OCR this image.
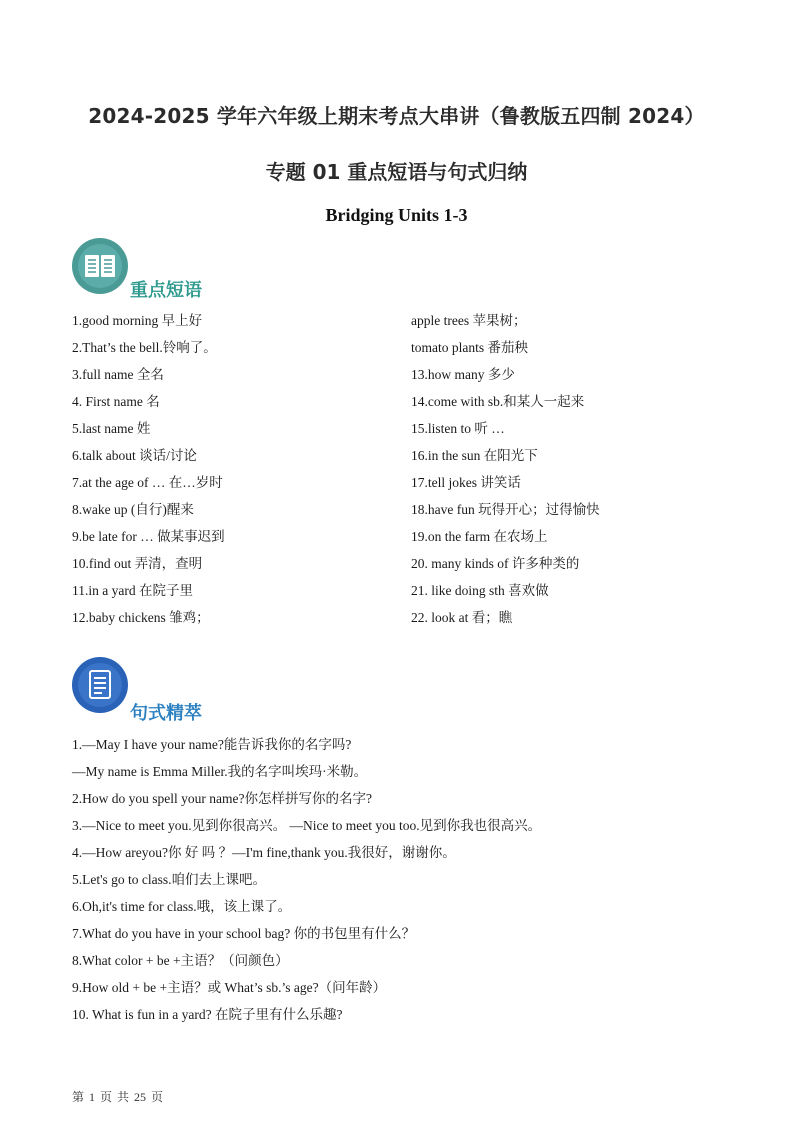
2024-2025 学年六年级上期末考点大串讲（鲁教版五四制 2024）
专题 01 重点短语与句式归纳
Bridging Units 1-3
重点短语
1.good morning 早上好
2.That’s the bell.铃响了。
3.full name 全名
4. First name 名
5.last name 姓
6.talk about 谈话/讨论
7.at the age of … 在…岁时
8.wake up (自行)醒来
9.be late for … 做某事迟到
10.find out 弄清，查明
11.in a yard 在院子里
12.baby chickens 雏鸡；
apple trees 苹果树；
tomato plants 番茄秧
13.how many 多少
14.come with sb.和某人一起来
15.listen to 听 …
16.in the sun 在阳光下
17.tell jokes 讲笑话
18.have fun 玩得开心；过得愉快
19.on the farm 在农场上
20. many kinds of 许多种类的
21. like doing sth 喜欢做
22. look at 看；瞧
句式精萃
1.—May I have your name?能告诉我你的名字吗?
—My name is Emma Miller.我的名字叫埃玛·米勒。
2.How do you spell your name?你怎样拼写你的名字?
3.—Nice to meet you.见到你很高兴。 —Nice to meet you too.见到你我也很高兴。
4.—How areyou?你 好 吗 ？—I'm fine,thank you.我很好，谢谢你。
5.Let's go to class.咱们去上课吧。
6.Oh,it's time for class.哦，该上课了。
7.What do you have in your school bag? 你的书包里有什么？
8.What color + be +主语？（问颜色）
9.How old + be +主语？或 What’s sb.’s age?（问年龄）
10. What is fun in a yard? 在院子里有什么乐趣?
第 1 页 共 25 页
